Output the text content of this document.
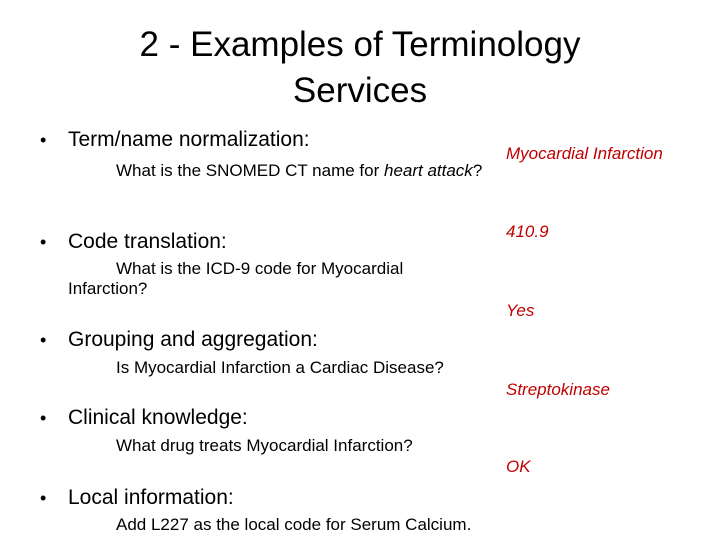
2 - Examples of Terminology
Services
• Term/name normalization:
What is the SNOMED CT name for heart attack?
Myocardial Infarction
• Code translation:
What is the ICD-9 code for Myocardial Infarction?
410.9
• Grouping and aggregation:
Is Myocardial Infarction a Cardiac Disease?
Yes
• Clinical knowledge:
What drug treats Myocardial Infarction?
Streptokinase
• Local information:
Add L227 as the local code for Serum Calcium.
OK
